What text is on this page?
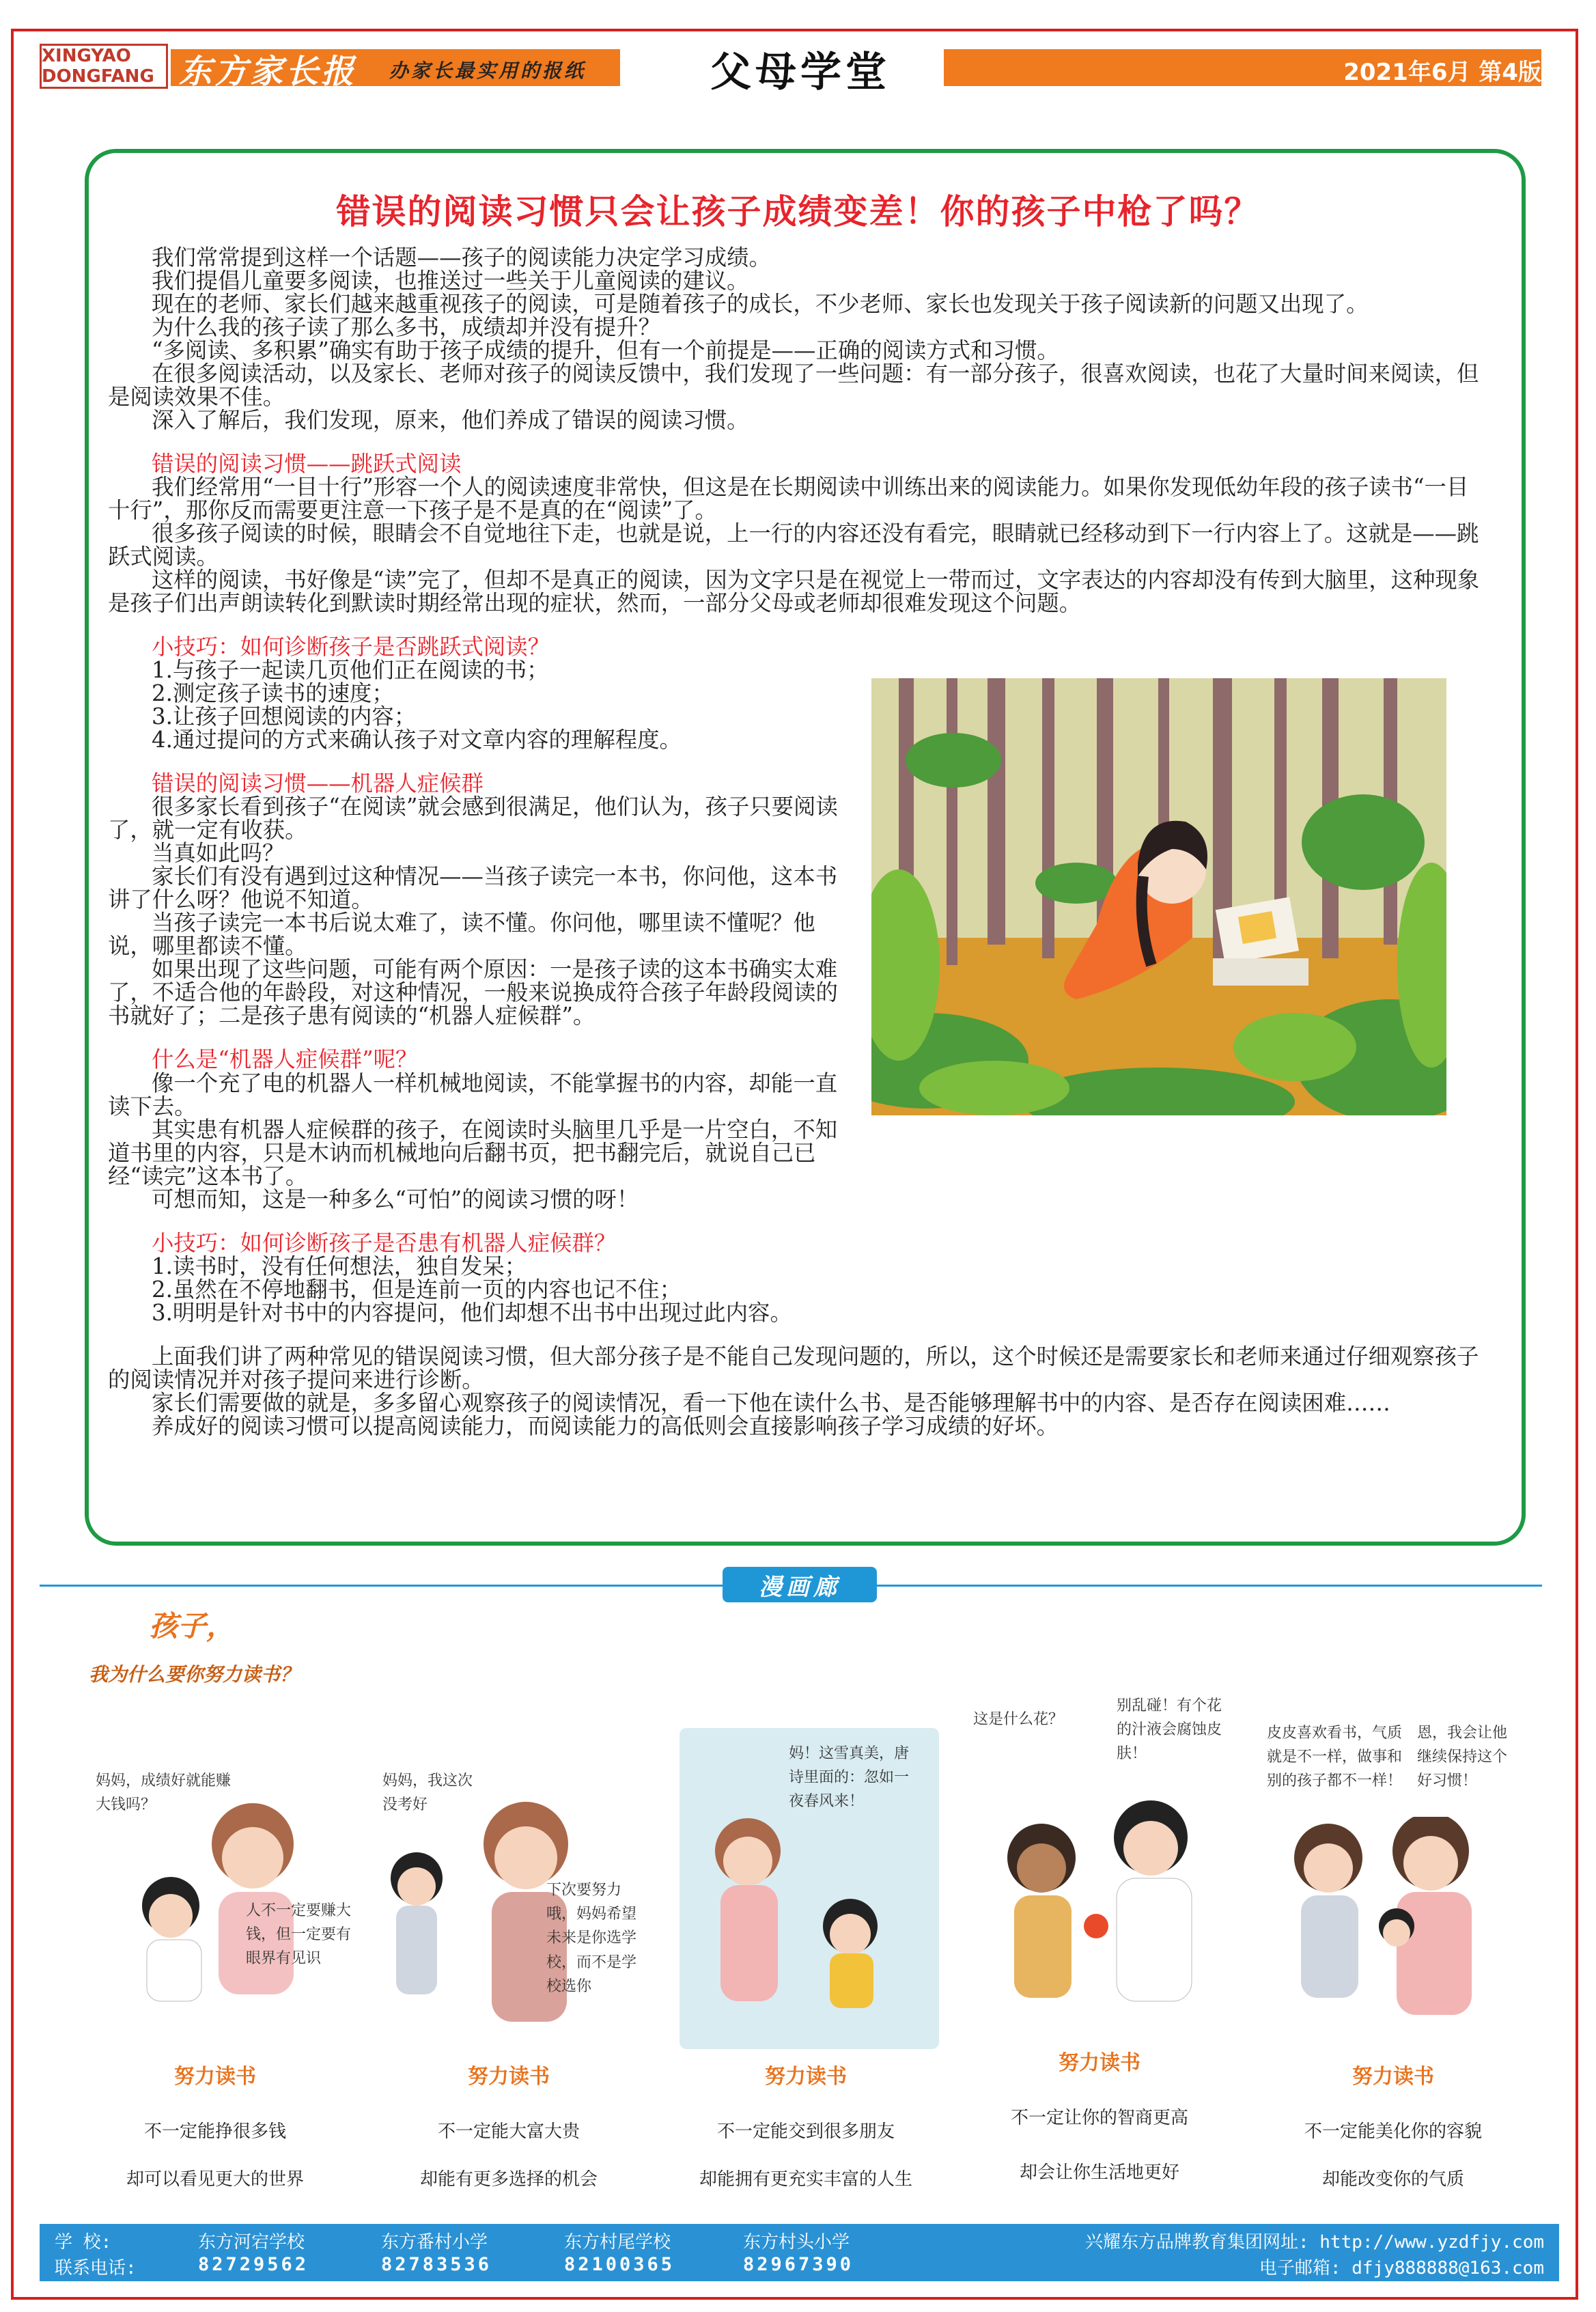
XINGYAO DONGFANG 东方家长报 办家长最实用的报纸	父母学堂	2021年6月 第4版
错误的阅读习惯只会让孩子成绩变差！你的孩子中枪了吗？

我们常常提到这样一个话题——孩子的阅读能力决定学习成绩。

我们提倡儿童要多阅读，也推送过一些关于儿童阅读的建议。

现在的老师、家长们越来越重视孩子的阅读，可是随着孩子的成长，不少老师、家长也发现关于孩子阅读新的问题又出现了。

为什么我的孩子读了那么多书，成绩却并没有提升？

“多阅读、多积累”确实有助于孩子成绩的提升，但有一个前提是——正确的阅读方式和习惯。

在很多阅读活动，以及家长、老师对孩子的阅读反馈中，我们发现了一些问题：有一部分孩子，很喜欢阅读，也花了大量时间来阅读，但是阅读效果不佳。

深入了解后，我们发现，原来，他们养成了错误的阅读习惯。

错误的阅读习惯——跳跃式阅读

我们经常用“一目十行”形容一个人的阅读速度非常快，但这是在长期阅读中训练出来的阅读能力。如果你发现低幼年段的孩子读书“一目十行”，那你反而需要更注意一下孩子是不是真的在“阅读”了。

很多孩子阅读的时候，眼睛会不自觉地往下走，也就是说，上一行的内容还没有看完，眼睛就已经移动到下一行内容上了。这就是——跳跃式阅读。

这样的阅读，书好像是“读”完了，但却不是真正的阅读，因为文字只是在视觉上一带而过，文字表达的内容却没有传到大脑里，这种现象是孩子们出声朗读转化到默读时期经常出现的症状，然而，一部分父母或老师却很难发现这个问题。

小技巧：如何诊断孩子是否跳跃式阅读？

1.与孩子一起读几页他们正在阅读的书；

2.测定孩子读书的速度；

3.让孩子回想阅读的内容；

4.通过提问的方式来确认孩子对文章内容的理解程度。

错误的阅读习惯——机器人症候群

很多家长看到孩子“在阅读”就会感到很满足，他们认为，孩子只要阅读了，就一定有收获。

当真如此吗？

家长们有没有遇到过这种情况——当孩子读完一本书，你问他，这本书讲了什么呀？他说不知道。

当孩子读完一本书后说太难了，读不懂。你问他，哪里读不懂呢？他说，哪里都读不懂。

如果出现了这些问题，可能有两个原因：一是孩子读的这本书确实太难了，不适合他的年龄段，对这种情况，一般来说换成符合孩子年龄段阅读的书就好了；二是孩子患有阅读的“机器人症候群”。

什么是“机器人症候群”呢？

像一个充了电的机器人一样机械地阅读，不能掌握书的内容，却能一直读下去。

其实患有机器人症候群的孩子，在阅读时头脑里几乎是一片空白，不知道书里的内容，只是木讷而机械地向后翻书页，把书翻完后，就说自己已经“读完”这本书了。

可想而知，这是一种多么“可怕”的阅读习惯的呀！

小技巧：如何诊断孩子是否患有机器人症候群？

1.读书时，没有任何想法，独自发呆；

2.虽然在不停地翻书，但是连前一页的内容也记不住；

3.明明是针对书中的内容提问，他们却想不出书中出现过此内容。

上面我们讲了两种常见的错误阅读习惯，但大部分孩子是不能自己发现问题的，所以，这个时候还是需要家长和老师来通过仔细观察孩子的阅读情况并对孩子提问来进行诊断。

家长们需要做的就是，多多留心观察孩子的阅读情况，看一下他在读什么书、是否能够理解书中的内容、是否存在阅读困难……

养成好的阅读习惯可以提高阅读能力，而阅读能力的高低则会直接影响孩子学习成绩的好坏。

漫画廊
孩子，
我为什么要你努力读书？
妈妈，成绩好就能赚大钱吗？
人不一定要赚大钱，但一定要有眼界有见识
努力读书
不一定能挣很多钱
却可以看见更大的世界
妈妈，我这次没考好
下次要努力哦，妈妈希望未来是你选学校，而不是学校选你
努力读书
不一定能大富大贵
却能有更多选择的机会
妈！这雪真美，唐诗里面的：忽如一夜春风来！
努力读书
不一定能交到很多朋友
却能拥有更充实丰富的人生
这是什么花？
别乱碰！有个花的汁液会腐蚀皮肤！
努力读书
不一定让你的智商更高
却会让你生活地更好
皮皮喜欢看书，气质就是不一样，做事和别的孩子都不一样！
恩，我会让他继续保持这个好习惯！
努力读书
不一定能美化你的容貌
却能改变你的气质
学 校:
联系电话:
东方河宕学校
82729562
东方番村小学
82783536
东方村尾学校
82100365
东方村头小学
82967390
兴耀东方品牌教育集团网址: http://www.yzdfjy.com
电子邮箱: dfjy888888@163.com
